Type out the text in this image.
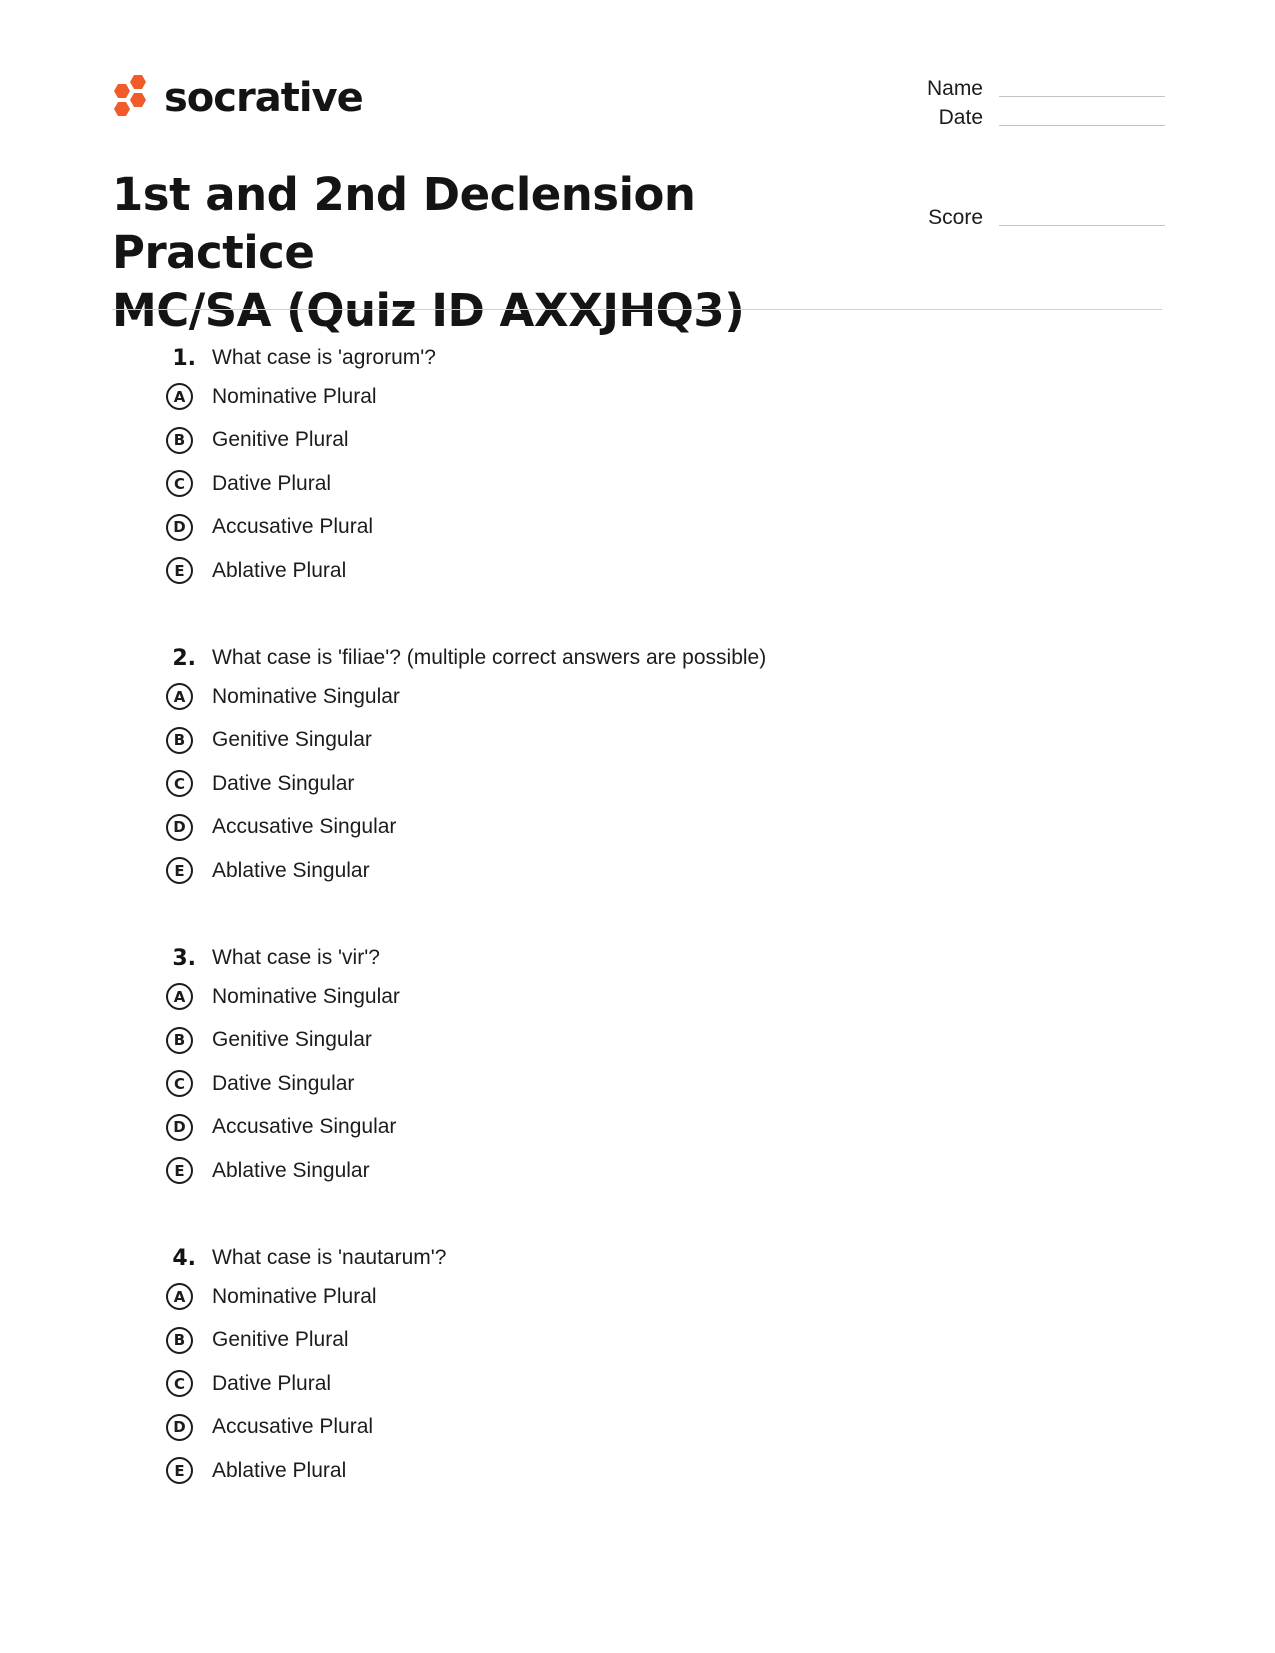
socrative	Name
Date
Score
1st and 2nd Declension Practice
MC/SA (Quiz ID AXXJHQ3)
1. What case is 'agrorum'?
A	Nominative Plural
B	Genitive Plural
C	Dative Plural
D	Accusative Plural
E	Ablative Plural
2. What case is 'filiae'? (multiple correct answers are possible)
A	Nominative Singular
B	Genitive Singular
C	Dative Singular
D	Accusative Singular
E	Ablative Singular
3. What case is 'vir'?
A	Nominative Singular
B	Genitive Singular
C	Dative Singular
D	Accusative Singular
E	Ablative Singular
4. What case is 'nautarum'?
A	Nominative Plural
B	Genitive Plural
C	Dative Plural
D	Accusative Plural
E	Ablative Plural
